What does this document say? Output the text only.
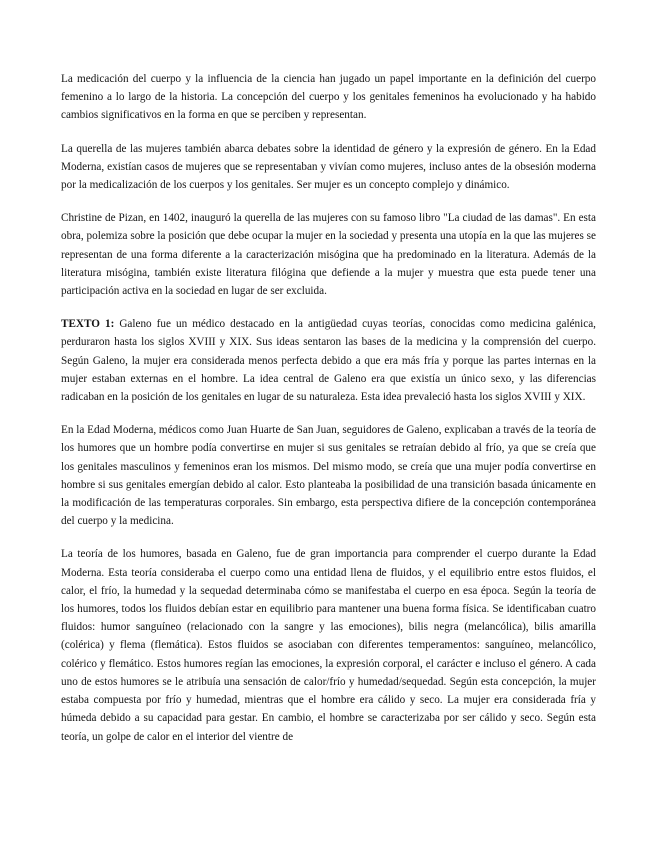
La medicación del cuerpo y la influencia de la ciencia han jugado un papel importante en la definición del cuerpo femenino a lo largo de la historia. La concepción del cuerpo y los genitales femeninos ha evolucionado y ha habido cambios significativos en la forma en que se perciben y representan.

La querella de las mujeres también abarca debates sobre la identidad de género y la expresión de género. En la Edad Moderna, existían casos de mujeres que se representaban y vivían como mujeres, incluso antes de la obsesión moderna por la medicalización de los cuerpos y los genitales. Ser mujer es un concepto complejo y dinámico.

Christine de Pizan, en 1402, inauguró la querella de las mujeres con su famoso libro "La ciudad de las damas". En esta obra, polemiza sobre la posición que debe ocupar la mujer en la sociedad y presenta una utopía en la que las mujeres se representan de una forma diferente a la caracterización misógina que ha predominado en la literatura. Además de la literatura misógina, también existe literatura filógina que defiende a la mujer y muestra que esta puede tener una participación activa en la sociedad en lugar de ser excluida.

TEXTO 1: Galeno fue un médico destacado en la antigüedad cuyas teorías, conocidas como medicina galénica, perduraron hasta los siglos XVIII y XIX. Sus ideas sentaron las bases de la medicina y la comprensión del cuerpo. Según Galeno, la mujer era considerada menos perfecta debido a que era más fría y porque las partes internas en la mujer estaban externas en el hombre. La idea central de Galeno era que existía un único sexo, y las diferencias radicaban en la posición de los genitales en lugar de su naturaleza. Esta idea prevaleció hasta los siglos XVIII y XIX.

En la Edad Moderna, médicos como Juan Huarte de San Juan, seguidores de Galeno, explicaban a través de la teoría de los humores que un hombre podía convertirse en mujer si sus genitales se retraían debido al frío, ya que se creía que los genitales masculinos y femeninos eran los mismos. Del mismo modo, se creía que una mujer podía convertirse en hombre si sus genitales emergían debido al calor. Esto planteaba la posibilidad de una transición basada únicamente en la modificación de las temperaturas corporales. Sin embargo, esta perspectiva difiere de la concepción contemporánea del cuerpo y la medicina.

La teoría de los humores, basada en Galeno, fue de gran importancia para comprender el cuerpo durante la Edad Moderna. Esta teoría consideraba el cuerpo como una entidad llena de fluidos, y el equilibrio entre estos fluidos, el calor, el frío, la humedad y la sequedad determinaba cómo se manifestaba el cuerpo en esa época. Según la teoría de los humores, todos los fluidos debían estar en equilibrio para mantener una buena forma física. Se identificaban cuatro fluidos: humor sanguíneo (relacionado con la sangre y las emociones), bilis negra (melancólica), bilis amarilla (colérica) y flema (flemática). Estos fluidos se asociaban con diferentes temperamentos: sanguíneo, melancólico, colérico y flemático. Estos humores regían las emociones, la expresión corporal, el carácter e incluso el género. A cada uno de estos humores se le atribuía una sensación de calor/frío y humedad/sequedad. Según esta concepción, la mujer estaba compuesta por frío y humedad, mientras que el hombre era cálido y seco. La mujer era considerada fría y húmeda debido a su capacidad para gestar. En cambio, el hombre se caracterizaba por ser cálido y seco. Según esta teoría, un golpe de calor en el interior del vientre de
